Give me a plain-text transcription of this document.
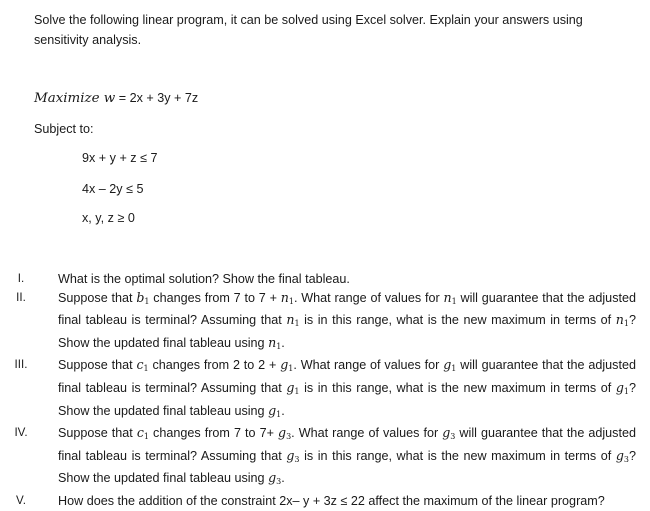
Solve the following linear program, it can be solved using Excel solver. Explain your answers using sensitivity analysis.
Maximize w = 2x + 3y + 7z
Subject to:
9x + y + z ≤ 7
4x – 2y ≤ 5
x, y, z ≥ 0
I.	What is the optimal solution? Show the final tableau.
II.	Suppose that $b_1$ changes from 7 to $7 + n_1$. What range of values for $n_1$ will guarantee that the adjusted final tableau is terminal? Assuming that $n_1$ is in this range, what is the new maximum in terms of $n_1$? Show the updated final tableau using $n_1$.
III.	Suppose that $c_1$ changes from 2 to $2 + g_1$. What range of values for $g_1$ will guarantee that the adjusted final tableau is terminal? Assuming that $g_1$ is in this range, what is the new maximum in terms of $g_1$? Show the updated final tableau using $g_1$.
IV.	Suppose that $c_1$ changes from 7 to $7+ g_3$. What range of values for $g_3$ will guarantee that the adjusted final tableau is terminal? Assuming that $g_3$ is in this range, what is the new maximum in terms of $g_3$? Show the updated final tableau using $g_3$.
V.	How does the addition of the constraint 2x– y + 3z ≤ 22 affect the maximum of the linear program?
